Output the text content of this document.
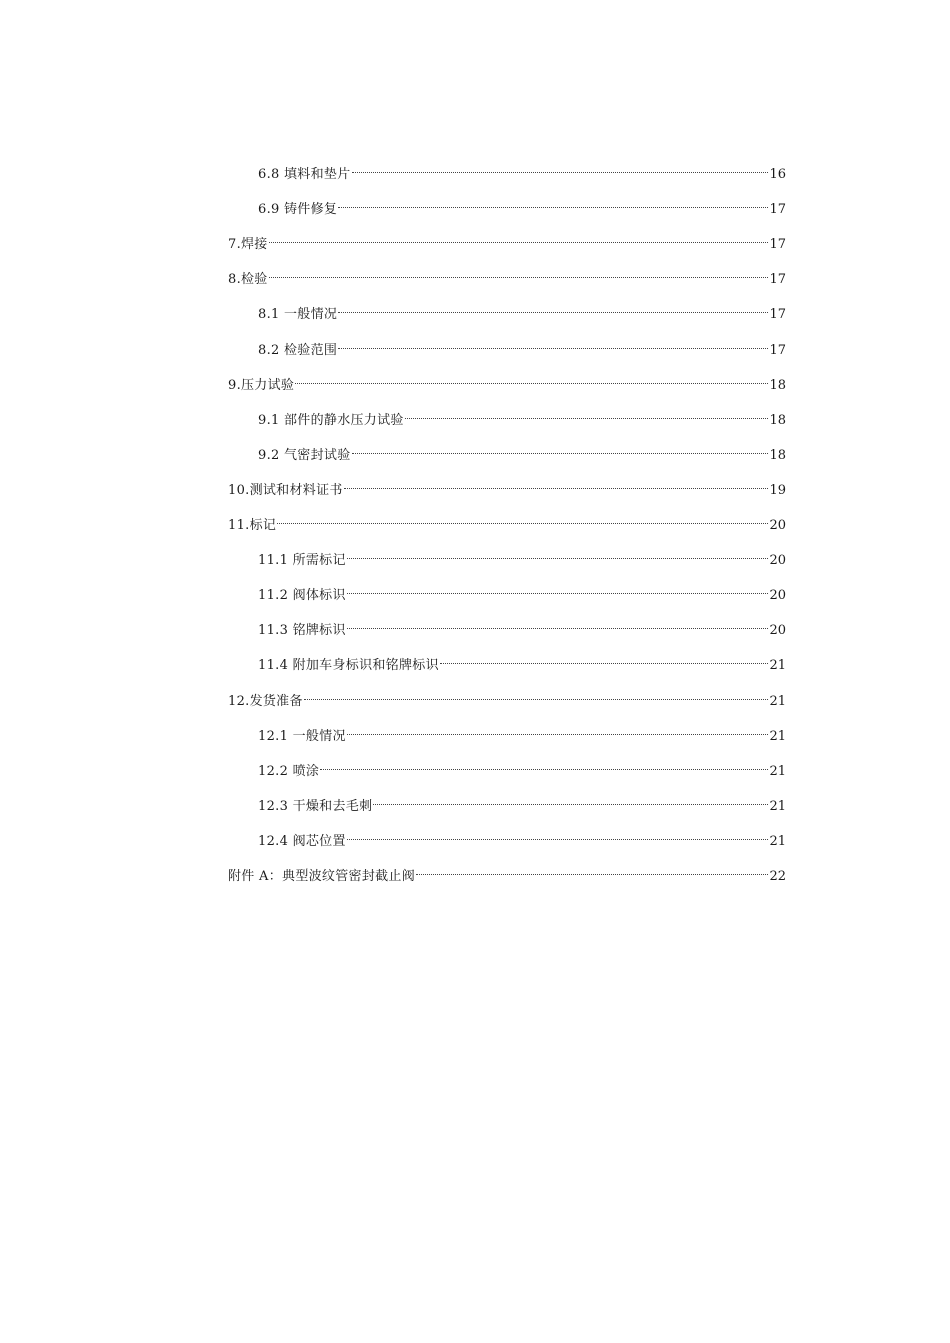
6.8 填料和垫片	16
6.9 铸件修复	17
7.焊接	17
8.检验	17
8.1 一般情况	17
8.2 检验范围	17
9.压力试验	18
9.1 部件的静水压力试验	18
9.2 气密封试验	18
10.测试和材料证书	19
11.标记	20
11.1 所需标记	20
11.2 阀体标识	20
11.3 铭牌标识	20
11.4 附加车身标识和铭牌标识	21
12.发货准备	21
12.1 一般情况	21
12.2 喷涂	21
12.3 干燥和去毛刺	21
12.4 阀芯位置	21
附件 A：典型波纹管密封截止阀	22
